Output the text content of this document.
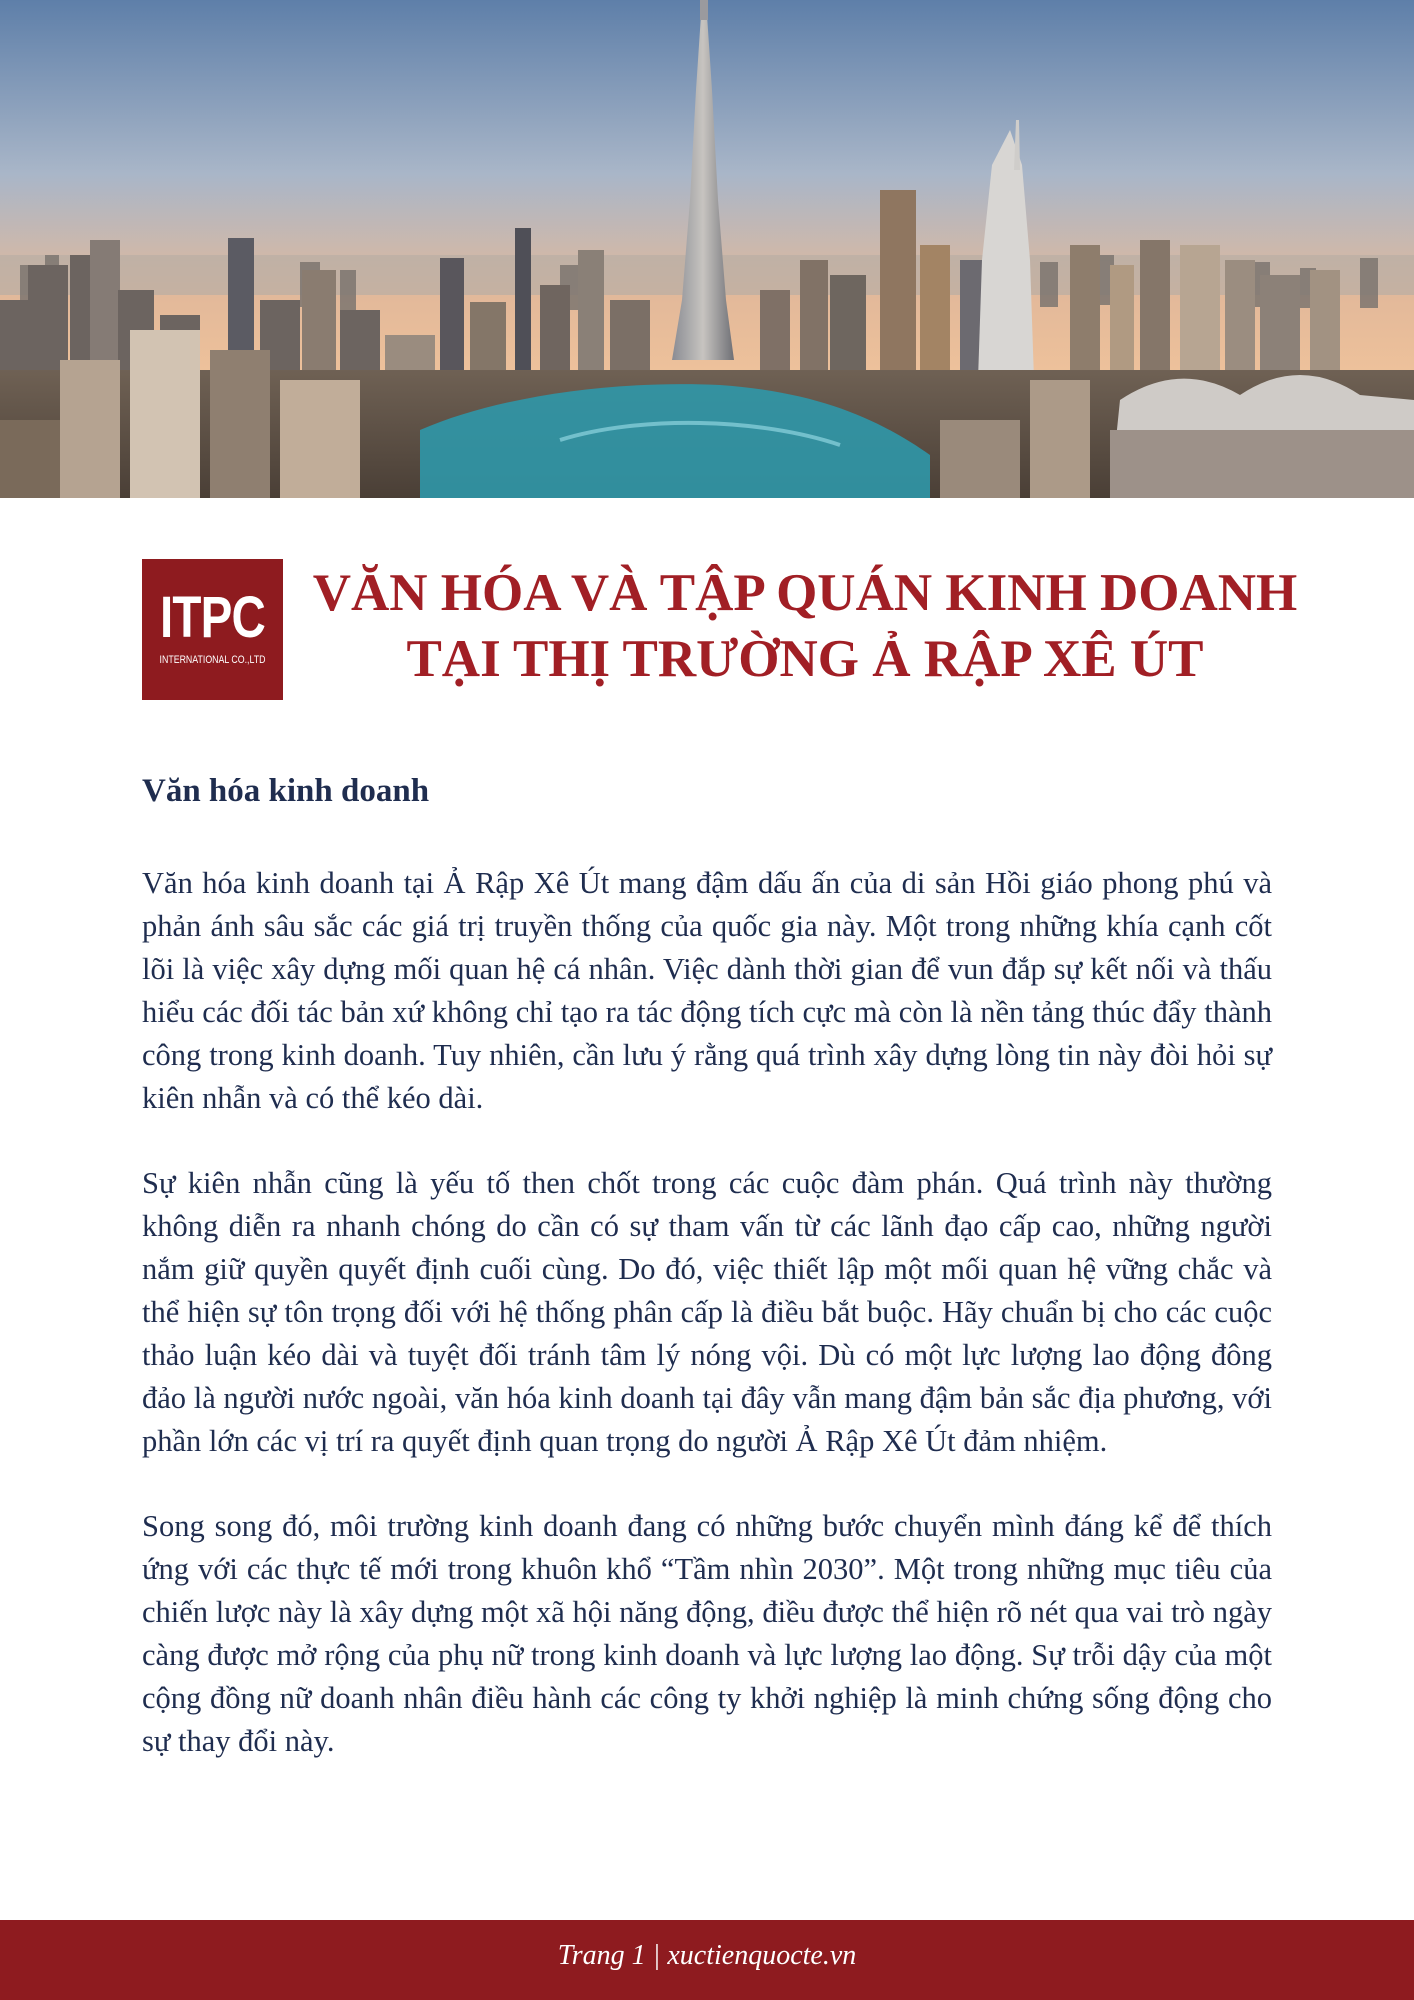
ITPC
INTERNATIONAL CO.,LTD
VĂN HÓA VÀ TẬP QUÁN KINH DOANH
TẠI THỊ TRƯỜNG Ả RẬP XÊ ÚT
Văn hóa kinh doanh

Văn hóa kinh doanh tại Ả Rập Xê Út mang đậm dấu ấn của di sản Hồi giáo phong phú và phản ánh sâu sắc các giá trị truyền thống của quốc gia này. Một trong những khía cạnh cốt lõi là việc xây dựng mối quan hệ cá nhân. Việc dành thời gian để vun đắp sự kết nối và thấu hiểu các đối tác bản xứ không chỉ tạo ra tác động tích cực mà còn là nền tảng thúc đẩy thành công trong kinh doanh. Tuy nhiên, cần lưu ý rằng quá trình xây dựng lòng tin này đòi hỏi sự kiên nhẫn và có thể kéo dài.

Sự kiên nhẫn cũng là yếu tố then chốt trong các cuộc đàm phán. Quá trình này thường không diễn ra nhanh chóng do cần có sự tham vấn từ các lãnh đạo cấp cao, những người nắm giữ quyền quyết định cuối cùng. Do đó, việc thiết lập một mối quan hệ vững chắc và thể hiện sự tôn trọng đối với hệ thống phân cấp là điều bắt buộc. Hãy chuẩn bị cho các cuộc thảo luận kéo dài và tuyệt đối tránh tâm lý nóng vội. Dù có một lực lượng lao động đông đảo là người nước ngoài, văn hóa kinh doanh tại đây vẫn mang đậm bản sắc địa phương, với phần lớn các vị trí ra quyết định quan trọng do người Ả Rập Xê Út đảm nhiệm.

Song song đó, môi trường kinh doanh đang có những bước chuyển mình đáng kể để thích ứng với các thực tế mới trong khuôn khổ “Tầm nhìn 2030”. Một trong những mục tiêu của chiến lược này là xây dựng một xã hội năng động, điều được thể hiện rõ nét qua vai trò ngày càng được mở rộng của phụ nữ trong kinh doanh và lực lượng lao động. Sự trỗi dậy của một cộng đồng nữ doanh nhân điều hành các công ty khởi nghiệp là minh chứng sống động cho sự thay đổi này.

Trang 1 | xuctienquocte.vn
